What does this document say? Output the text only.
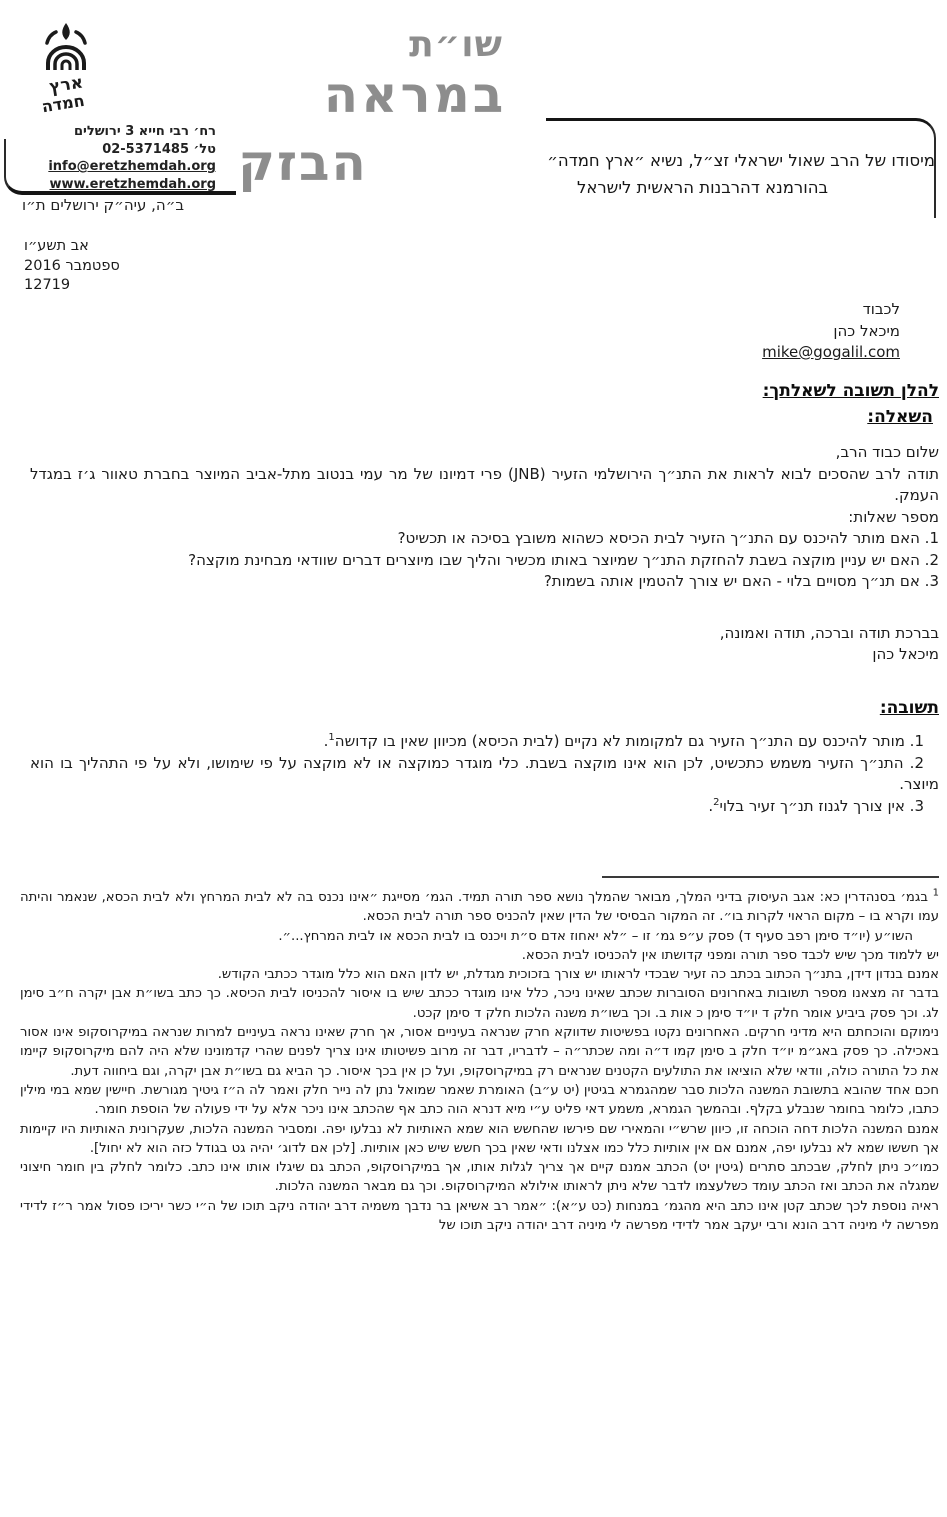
ארץ
חמדה
רח׳ רבי חייא 3 ירושלים
טל׳ 02-5371485
info@eretzhemdah.org
www.eretzhemdah.org
ב״ה, עיה״ק ירושלים ת״ו
שו״ת
במראה
הבזק	מיסודו של הרב שאול ישראלי זצ״ל, נשיא ״ארץ חמדה״
בהורמנא דהרבנות הראשית לישראל
אב תשע״ו
ספטמבר 2016
12719
לכבוד
מיכאל כהן
mike@gogalil.com
להלן תשובה לשאלתך:
השאלה:

שלום כבוד הרב,

תודה לרב שהסכים לבוא לראות את התנ״ך הירושלמי הזעיר (JNB) פרי דמיונו של מר עמי בנטוב מתל-אביב המיוצר בחברת טאוור ג׳ז במגדל העמק.

מספר שאלות:

1. האם מותר להיכנס עם התנ״ך הזעיר לבית הכיסא כשהוא משובץ בסיכה או תכשיט?

2. האם יש עניין מוקצה בשבת להחזקת התנ״ך שמיוצר באותו מכשיר והליך שבו מיוצרים דברים שוודאי מבחינת מוקצה?

3. אם תנ״ך מסויים בלוי - האם יש צורך להטמין אותה בשמות?

בברכת תודה וברכה, תודה ואמונה,

מיכאל כהן

תשובה:

1. מותר להיכנס עם התנ״ך הזעיר גם למקומות לא נקיים (לבית הכיסא) מכיוון שאין בו קדושה$^1$.

2. התנ״ך הזעיר משמש כתכשיט, לכן הוא אינו מוקצה בשבת. כלי מוגדר כמוקצה או לא מוקצה על פי שימושו, ולא על פי התהליך בו הוא מיוצר.

3. אין צורך לגנוז תנ״ך זעיר בלוי$^2$.

$^1$ בגמ׳ בסנהדרין כא: אגב העיסוק בדיני המלך, מבואר שהמלך נושא ספר תורה תמיד. הגמ׳ מסייגת ״אינו נכנס בה לא לבית המרחץ ולא לבית הכסא, שנאמר והיתה עמו וקרא בו – מקום הראוי לקרות בו״. זה המקור הבסיסי של הדין שאין להכניס ספר תורה לבית הכסא.

השו״ע (יו״ד סימן רפב סעיף ד) פסק ע״פ גמ׳ זו – ״לא יאחוז אדם ס״ת ויכנס בו לבית הכסא או לבית המרחץ...״.

יש ללמוד מכך שיש לכבד ספר תורה ומפני קדושתו אין להכניסו לבית הכסא.

אמנם בנדון דידן, בתנ״ך הכתוב בכתב כה זעיר שבכדי לראותו יש צורך בזכוכית מגדלת, יש לדון האם הוא כלל מוגדר ככתבי הקודש.

בדבר זה מצאנו מספר תשובות באחרונים הסוברות שכתב שאינו ניכר, כלל אינו מוגדר ככתב שיש בו איסור להכניסו לבית הכיסא. כך כתב בשו״ת אבן יקרה ח״ב סימן לג. וכך פסק ביביע אומר חלק ד יו״ד סימן כ אות ב. וכך בשו״ת משנה הלכות חלק ד סימן קכט.

נימוקם והוכחתם היא מדיני חרקים. האחרונים נקטו בפשיטות שדווקא חרק שנראה בעיניים אסור, אך חרק שאינו נראה בעיניים למרות שנראה במיקרוסקופ אינו אסור באכילה. כך פסק באג״מ יו״ד חלק ב סימן קמו ד״ה ומה שכתר״ה – לדבריו, דבר זה מרוב פשיטותו אינו צריך לפנים שהרי קדמונינו שלא היה להם מיקרוסקופ קיימו את כל התורה כולה, וודאי שלא הוציאו את התולעים הקטנים שנראים רק במיקרוסקופ, ועל כן אין בכך איסור. כך הביא גם בשו״ת אבן יקרה, וגם ביחווה דעת.

חכם אחד שהובא בתשובת המשנה הלכות סבר שמהגמרא בגיטין (יט ע״ב) האומרת שאמר שמואל נתן לה נייר חלק ואמר לה ה״ז גיטיך מגורשת. חיישין שמא במי מילין כתבו, כלומר בחומר שנבלע בקלף. ובהמשך הגמרא, משמע דאי פליט ע״י מיא דנרא הוה כתב אף שהכתב אינו ניכר אלא על ידי פעולה של הוספת חומר.

אמנם המשנה הלכות דחה הוכחה זו, כיוון שרש״י והמאירי שם פירשו שהחשש הוא שמא האותיות לא נבלעו יפה. ומסביר המשנה הלכות, שעקרונית האותיות היו קיימות אך חששו שמא לא נבלעו יפה, אמנם אם אין אותיות כלל כמו אצלנו ודאי שאין בכך חשש שיש כאן אותיות. [לכן אם לדוג׳ יהיה גט בגודל כזה הוא לא יחול].

כמו״כ ניתן לחלק, שבכתב סתרים (גיטין יט) הכתב אמנם קיים אך צריך לגלות אותו, אך במיקרוסקופ, הכתב גם שיגלו אותו אינו כתב. כלומר לחלק בין חומר חיצוני שמגלה את הכתב ואז הכתב עומד כשלעצמו לדבר שלא ניתן לראותו אילולא המיקרוסקופ. וכך גם מבאר המשנה הלכות.

ראיה נוספת לכך שכתב קטן אינו כתב היא מהגמ׳ במנחות (כט ע״א): ״אמר רב אשיאן בר נדבך משמיה דרב יהודה ניקב תוכו של ה״י כשר יריכו פסול אמר ר״ז לדידי מפרשה לי מיניה דרב הונא ורבי יעקב אמר לדידי מפרשה לי מיניה דרב יהודה ניקב תוכו של
